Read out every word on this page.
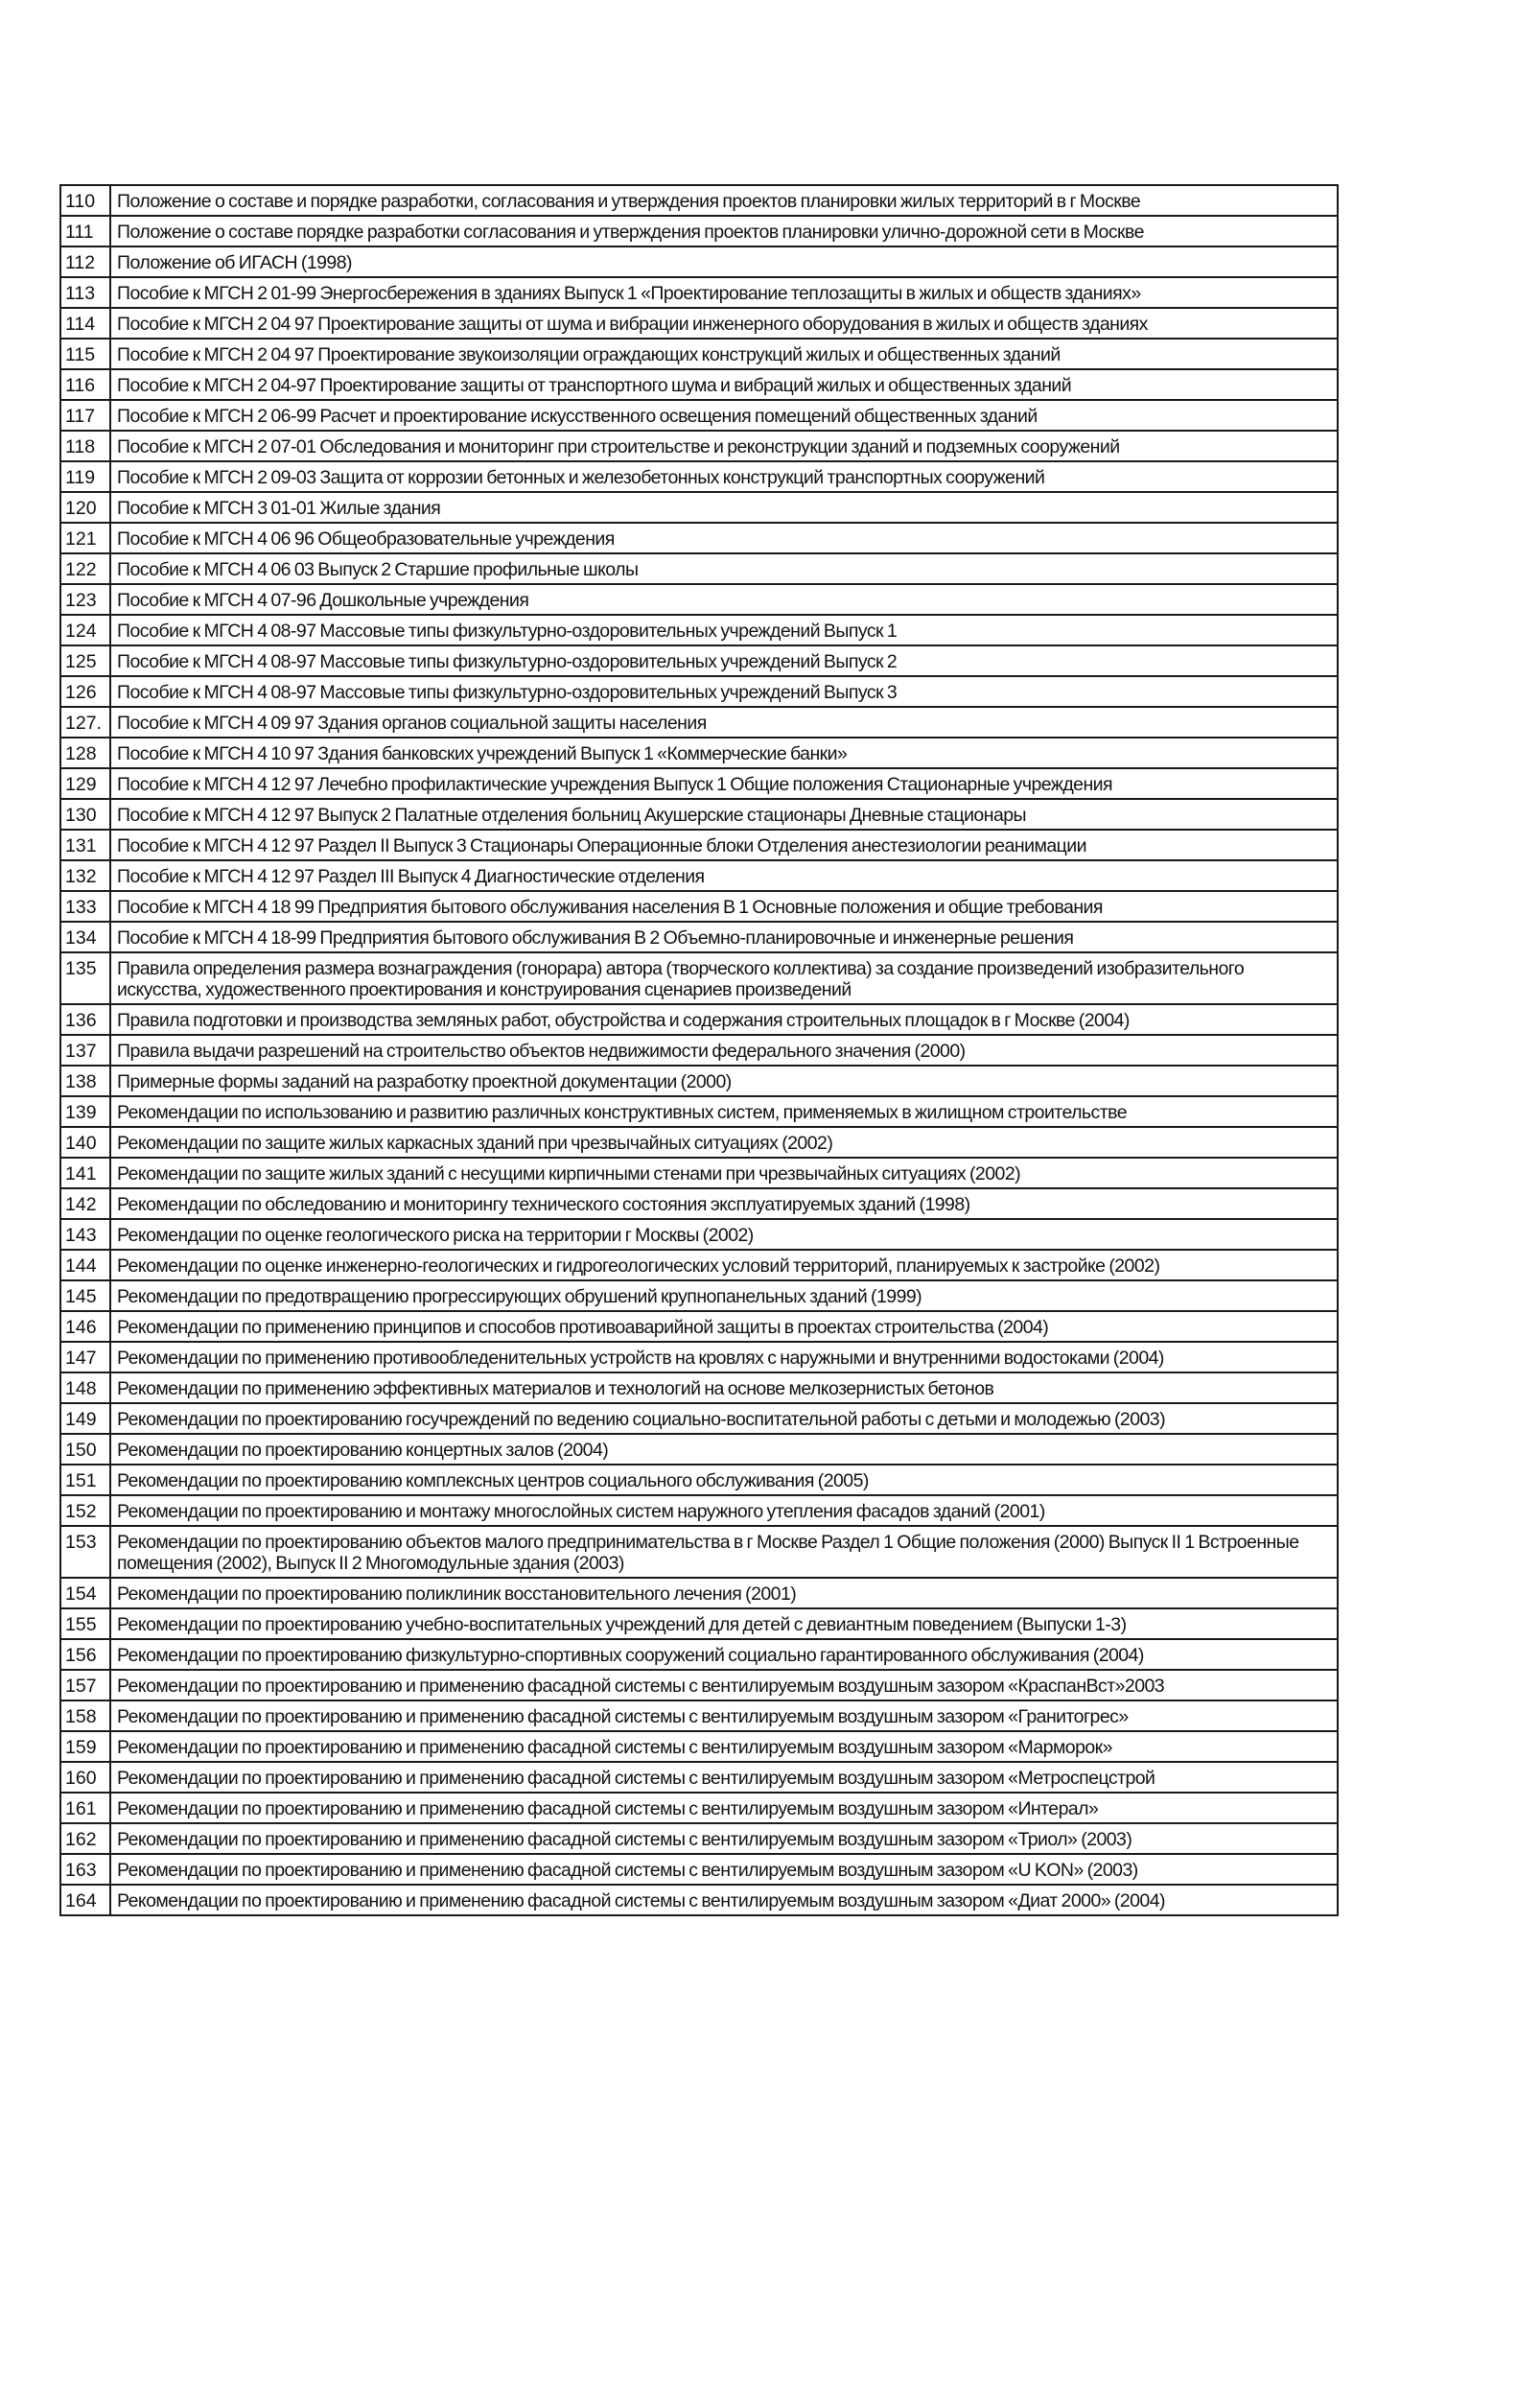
110	Положение о составе и порядке разработки, согласования и утверждения проектов планировки жилых территорий в г Москве
111	Положение о составе порядке разработки согласования и утверждения проектов планировки улично-дорожной сети в Москве
112	Положение об ИГАСН (1998)
113	Пособие к МГСН 2 01-99 Энергосбережения в зданиях Выпуск 1 «Проектирование теплозащиты в жилых и обществ зданиях»
114	Пособие к МГСН 2 04 97 Проектирование защиты от шума и вибрации инженерного оборудования в жилых и обществ зданиях
115	Пособие к МГСН 2 04 97 Проектирование звукоизоляции ограждающих конструкций жилых и общественных зданий
116	Пособие к МГСН 2 04-97 Проектирование защиты от транспортного шума и вибраций жилых и общественных зданий
117	Пособие к МГСН 2 06-99 Расчет и проектирование искусственного освещения помещений общественных зданий
118	Пособие к МГСН 2 07-01 Обследования и мониторинг при строительстве и реконструкции зданий и подземных сооружений
119	Пособие к МГСН 2 09-03 Защита от коррозии бетонных и железобетонных конструкций транспортных сооружений
120	Пособие к МГСН 3 01-01 Жилые здания
121	Пособие к МГСН 4 06 96 Общеобразовательные учреждения
122	Пособие к МГСН 4 06 03 Выпуск 2 Старшие профильные школы
123	Пособие к МГСН 4 07-96 Дошкольные учреждения
124	Пособие к МГСН 4 08-97 Массовые типы физкультурно-оздоровительных учреждений Выпуск 1
125	Пособие к МГСН 4 08-97 Массовые типы физкультурно-оздоровительных учреждений Выпуск 2
126	Пособие к МГСН 4 08-97 Массовые типы физкультурно-оздоровительных учреждений Выпуск 3
127.	Пособие к МГСН 4 09 97 Здания органов социальной защиты населения
128	Пособие к МГСН 4 10 97 Здания банковских учреждений Выпуск 1 «Коммерческие банки»
129	Пособие к МГСН 4 12 97 Лечебно профилактические учреждения Выпуск 1 Общие положения Стационарные учреждения
130	Пособие к МГСН 4 12 97 Выпуск 2 Палатные отделения больниц Акушерские стационары Дневные стационары
131	Пособие к МГСН 4 12 97 Раздел II Выпуск 3 Стационары Операционные блоки Отделения анестезиологии реанимации
132	Пособие к МГСН 4 12 97 Раздел III Выпуск 4 Диагностические отделения
133	Пособие к МГСН 4 18 99 Предприятия бытового обслуживания населения В 1 Основные положения и общие требования
134	Пособие к МГСН 4 18-99 Предприятия бытового обслуживания В 2 Объемно-планировочные и инженерные решения
135	Правила определения размера вознаграждения (гонорара) автора (творческого коллектива) за создание произведений изобразительного искусства, художественного проектирования и конструирования сценариев произведений
136	Правила подготовки и производства земляных работ, обустройства и содержания строительных площадок в г Москве (2004)
137	Правила выдачи разрешений на строительство объектов недвижимости федерального значения (2000)
138	Примерные формы заданий на разработку проектной документации (2000)
139	Рекомендации по использованию и развитию различных конструктивных систем, применяемых в жилищном строительстве
140	Рекомендации по защите жилых каркасных зданий при чрезвычайных ситуациях (2002)
141	Рекомендации по защите жилых зданий с несущими кирпичными стенами при чрезвычайных ситуациях (2002)
142	Рекомендации по обследованию и мониторингу технического состояния эксплуатируемых зданий (1998)
143	Рекомендации по оценке геологического риска на территории г Москвы (2002)
144	Рекомендации по оценке инженерно-геологических и гидрогеологических условий территорий, планируемых к застройке (2002)
145	Рекомендации по предотвращению прогрессирующих обрушений крупнопанельных зданий (1999)
146	Рекомендации по применению принципов и способов противоаварийной защиты в проектах строительства (2004)
147	Рекомендации по применению противообледенительных устройств на кровлях с наружными и внутренними водостоками (2004)
148	Рекомендации по применению эффективных материалов и технологий на основе мелкозернистых бетонов
149	Рекомендации по проектированию госучреждений по ведению социально-воспитательной работы с детьми и молодежью (2003)
150	Рекомендации по проектированию концертных залов (2004)
151	Рекомендации по проектированию комплексных центров социального обслуживания (2005)
152	Рекомендации по проектированию и монтажу многослойных систем наружного утепления фасадов зданий (2001)
153	Рекомендации по проектированию объектов малого предпринимательства в г Москве Раздел 1 Общие положения (2000) Выпуск II 1 Встроенные помещения (2002), Выпуск II 2 Многомодульные здания (2003)
154	Рекомендации по проектированию поликлиник восстановительного лечения (2001)
155	Рекомендации по проектированию учебно-воспитательных учреждений для детей с девиантным поведением (Выпуски 1-3)
156	Рекомендации по проектированию физкультурно-спортивных сооружений социально гарантированного обслуживания (2004)
157	Рекомендации по проектированию и применению фасадной системы с вентилируемым воздушным зазором «КраспанВст»2003
158	Рекомендации по проектированию и применению фасадной системы с вентилируемым воздушным зазором «Гранитогрес»
159	Рекомендации по проектированию и применению фасадной системы с вентилируемым воздушным зазором «Марморок»
160	Рекомендации по проектированию и применению фасадной системы с вентилируемым воздушным зазором «Метроспецстрой
161	Рекомендации по проектированию и применению фасадной системы с вентилируемым воздушным зазором «Интерал»
162	Рекомендации по проектированию и применению фасадной системы с вентилируемым воздушным зазором «Триол» (2003)
163	Рекомендации по проектированию и применению фасадной системы с вентилируемым воздушным зазором «U KON» (2003)
164	Рекомендации по проектированию и применению фасадной системы с вентилируемым воздушным зазором «Диат 2000» (2004)
